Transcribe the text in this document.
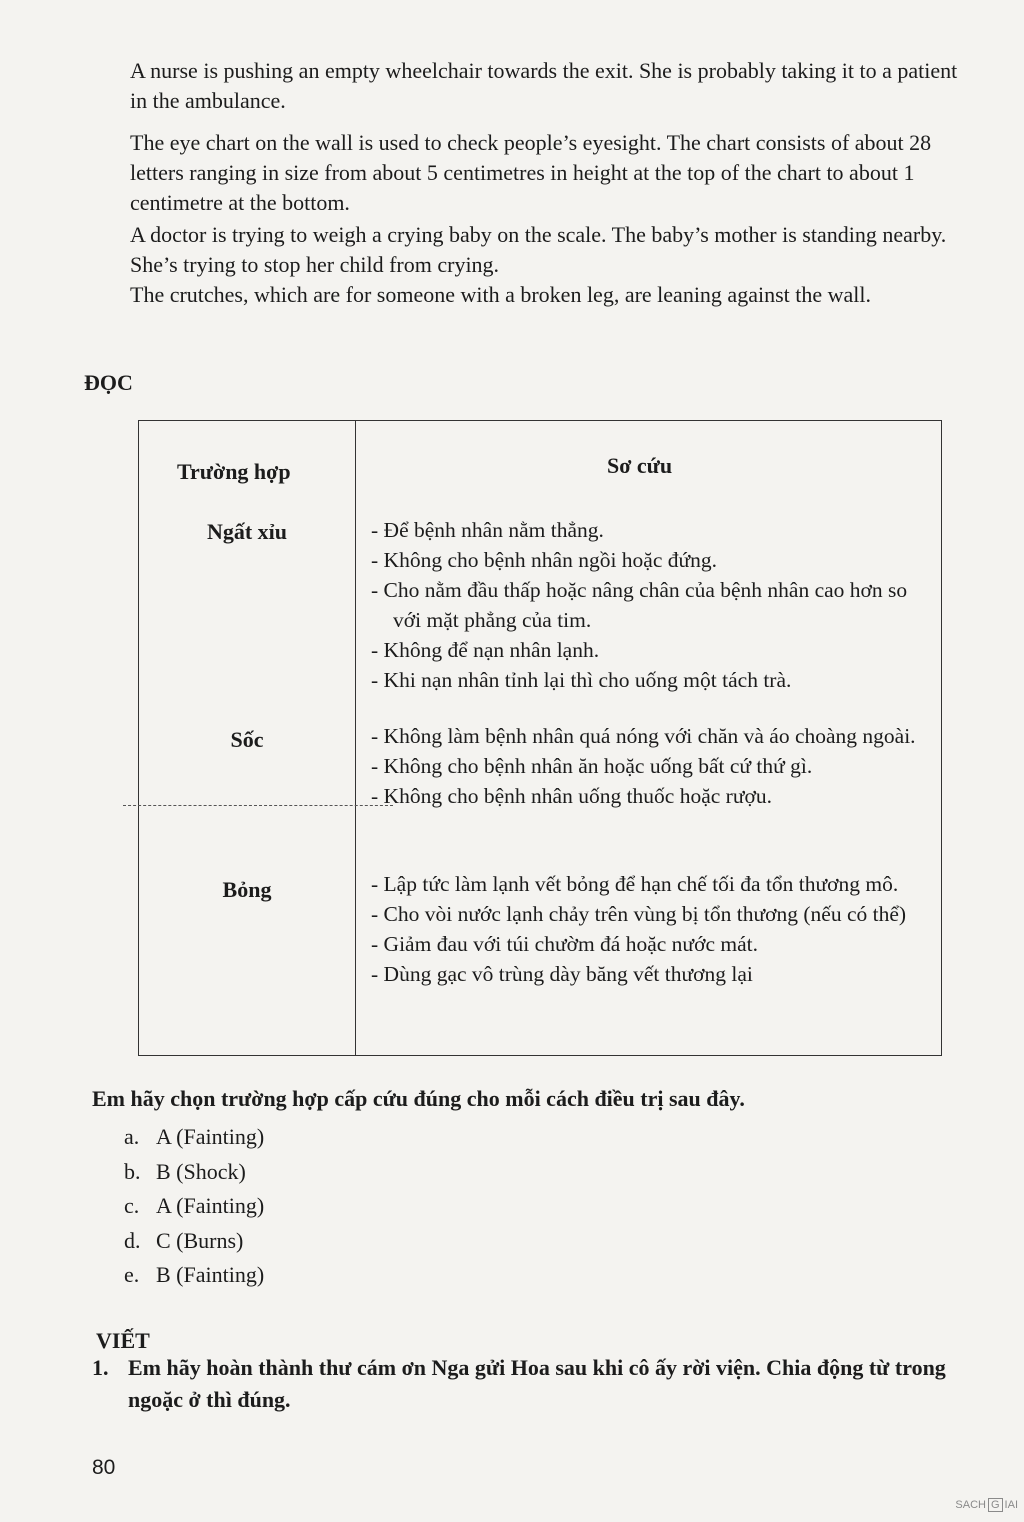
A nurse is pushing an empty wheelchair towards the exit. She is probably taking it to a patient in the ambulance.

The eye chart on the wall is used to check people’s eyesight. The chart consists of about 28 letters ranging in size from about 5 centimetres in height at the top of the chart to about 1 centimetre at the bottom.

A doctor is trying to weigh a crying baby on the scale. The baby’s mother is standing nearby. She’s trying to stop her child from crying.

The crutches, which are for someone with a broken leg, are leaning against the wall.

ĐỌC
Trường hợp	Sơ cứu
Ngất xỉu	- Để bệnh nhân nằm thẳng.
- Không cho bệnh nhân ngồi hoặc đứng.
- Cho nằm đầu thấp hoặc nâng chân của bệnh nhân cao hơn so với mặt phẳng của tim.
- Không để nạn nhân lạnh.
- Khi nạn nhân tỉnh lại thì cho uống một tách trà.
Sốc	- Không làm bệnh nhân quá nóng với chăn và áo choàng ngoài.
- Không cho bệnh nhân ăn hoặc uống bất cứ thứ gì.
- Không cho bệnh nhân uống thuốc hoặc rượu.
Bỏng	- Lập tức làm lạnh vết bỏng để hạn chế tối đa tổn thương mô.
- Cho vòi nước lạnh chảy trên vùng bị tổn thương (nếu có thể)
- Giảm đau với túi chườm đá hoặc nước mát.
- Dùng gạc vô trùng dày băng vết thương lại

Em hãy chọn trường hợp cấp cứu đúng cho mỗi cách điều trị sau đây.

a. A (Fainting)
b. B (Shock)
c. A (Fainting)
d. C (Burns)
e. B (Fainting)
VIẾT

1. Em hãy hoàn thành thư cám ơn Nga gửi Hoa sau khi cô ấy rời viện. Chia động từ trong ngoặc ở thì đúng.

80
SACH G IAI
